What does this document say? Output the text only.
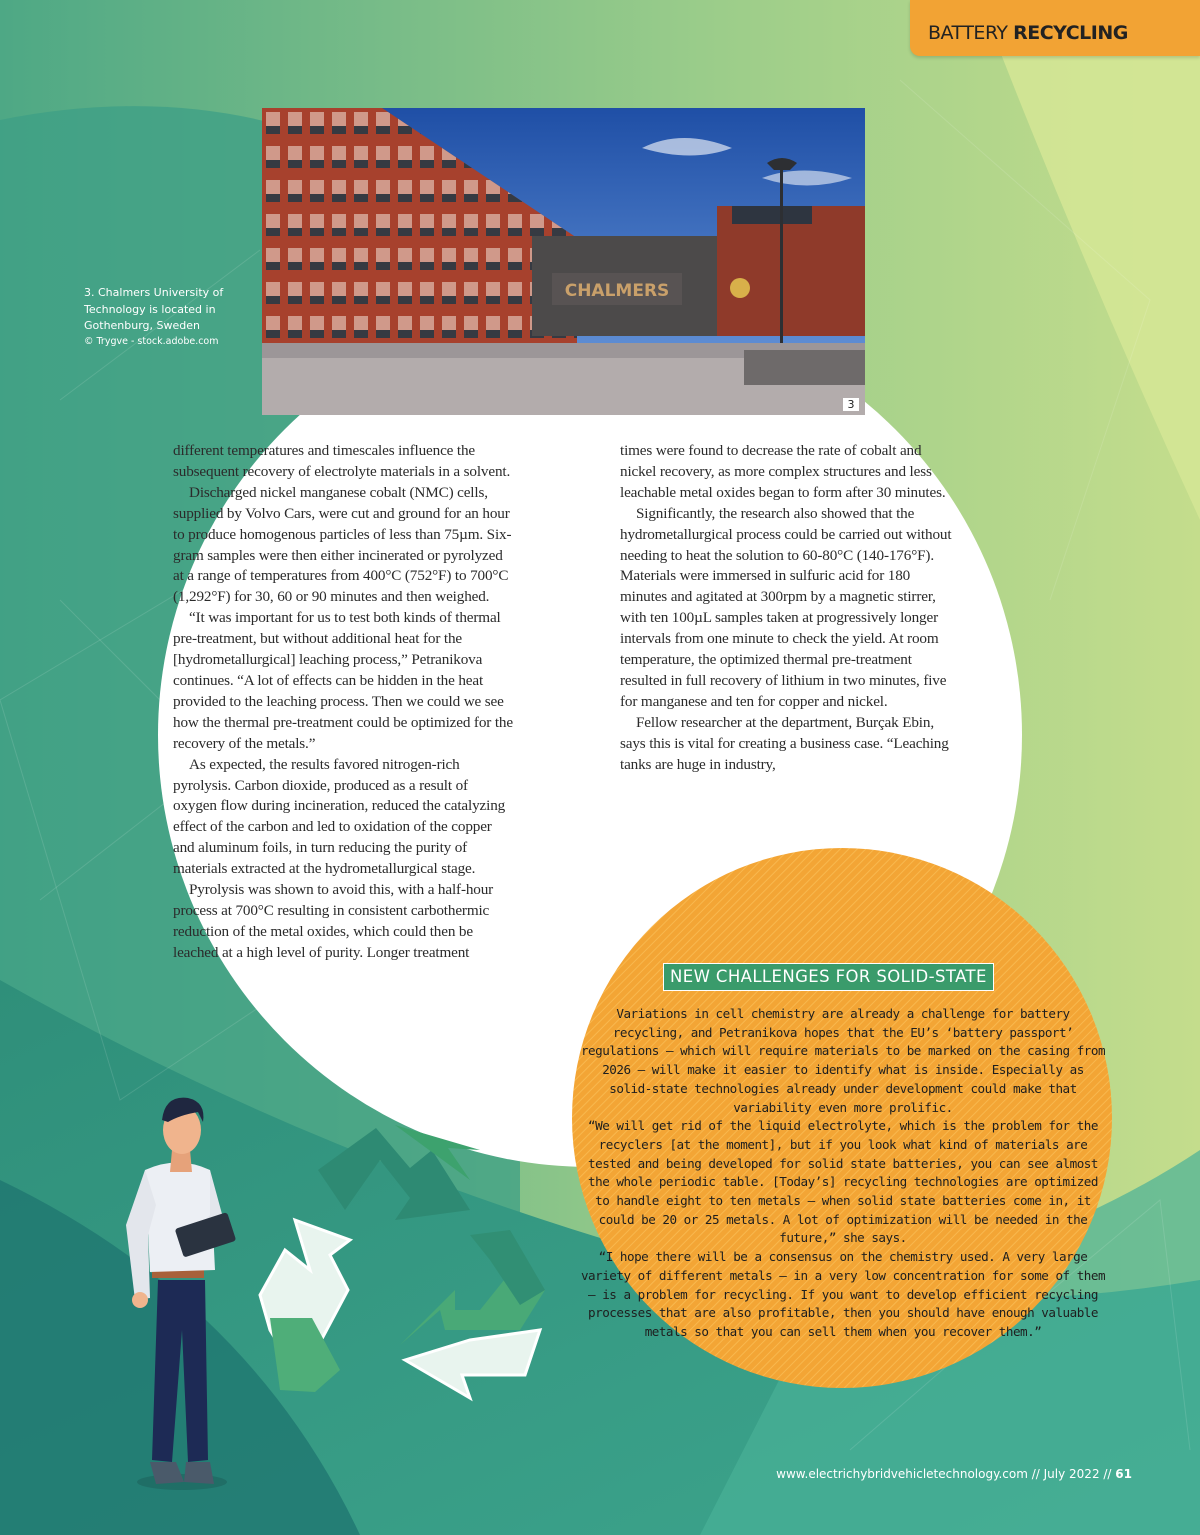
BATTERY RECYCLING
CHALMERS
3
3. Chalmers University of Technology is located in Gothenburg, Sweden
© Trygve - stock.adobe.com

different temperatures and timescales influence the subsequent recovery of electrolyte materials in a solvent.

Discharged nickel manganese cobalt (NMC) cells, supplied by Volvo Cars, were cut and ground for an hour to produce homogenous particles of less than 75µm. Six-gram samples were then either incinerated or pyrolyzed at a range of temperatures from 400°C (752°F) to 700°C (1,292°F) for 30, 60 or 90 minutes and then weighed.

“It was important for us to test both kinds of thermal pre-treatment, but without additional heat for the [hydrometallurgical] leaching process,” Petranikova continues. “A lot of effects can be hidden in the heat provided to the leaching process. Then we could we see how the thermal pre-treatment could be optimized for the recovery of the metals.”

As expected, the results favored nitrogen-rich pyrolysis. Carbon dioxide, produced as a result of oxygen flow during incineration, reduced the catalyzing effect of the carbon and led to oxidation of the copper and aluminum foils, in turn reducing the purity of materials extracted at the hydrometallurgical stage.

Pyrolysis was shown to avoid this, with a half-hour process at 700°C resulting in consistent carbothermic reduction of the metal oxides, which could then be leached at a high level of purity. Longer treatment

times were found to decrease the rate of cobalt and nickel recovery, as more complex structures and less leachable metal oxides began to form after 30 minutes.

Significantly, the research also showed that the hydrometallurgical process could be carried out without needing to heat the solution to 60-80°C (140-176°F). Materials were immersed in sulfuric acid for 180 minutes and agitated at 300rpm by a magnetic stirrer, with ten 100µL samples taken at progressively longer intervals from one minute to check the yield. At room temperature, the optimized thermal pre-treatment resulted in full recovery of lithium in two minutes, five for manganese and ten for copper and nickel.

Fellow researcher at the department, Burçak Ebin, says this is vital for creating a business case. “Leaching tanks are huge in industry,

NEW CHALLENGES FOR SOLID-STATE

Variations in cell chemistry are already a challenge for battery recycling, and Petranikova hopes that the EU’s ‘battery passport’ regulations – which will require materials to be marked on the casing from 2026 – will make it easier to identify what is inside. Especially as solid-state technologies already under development could make that variability even more prolific.

“We will get rid of the liquid electrolyte, which is the problem for the recyclers [at the moment], but if you look what kind of materials are tested and being developed for solid state batteries, you can see almost the whole periodic table. [Today’s] recycling technologies are optimized to handle eight to ten metals – when solid state batteries come in, it could be 20 or 25 metals. A lot of optimization will be needed in the future,” she says.

“I hope there will be a consensus on the chemistry used. A very large variety of different metals – in a very low concentration for some of them – is a problem for recycling. If you want to develop efficient recycling processes that are also profitable, then you should have enough valuable metals so that you can sell them when you recover them.”

www.electrichybridvehicletechnology.com // July 2022 // 61
